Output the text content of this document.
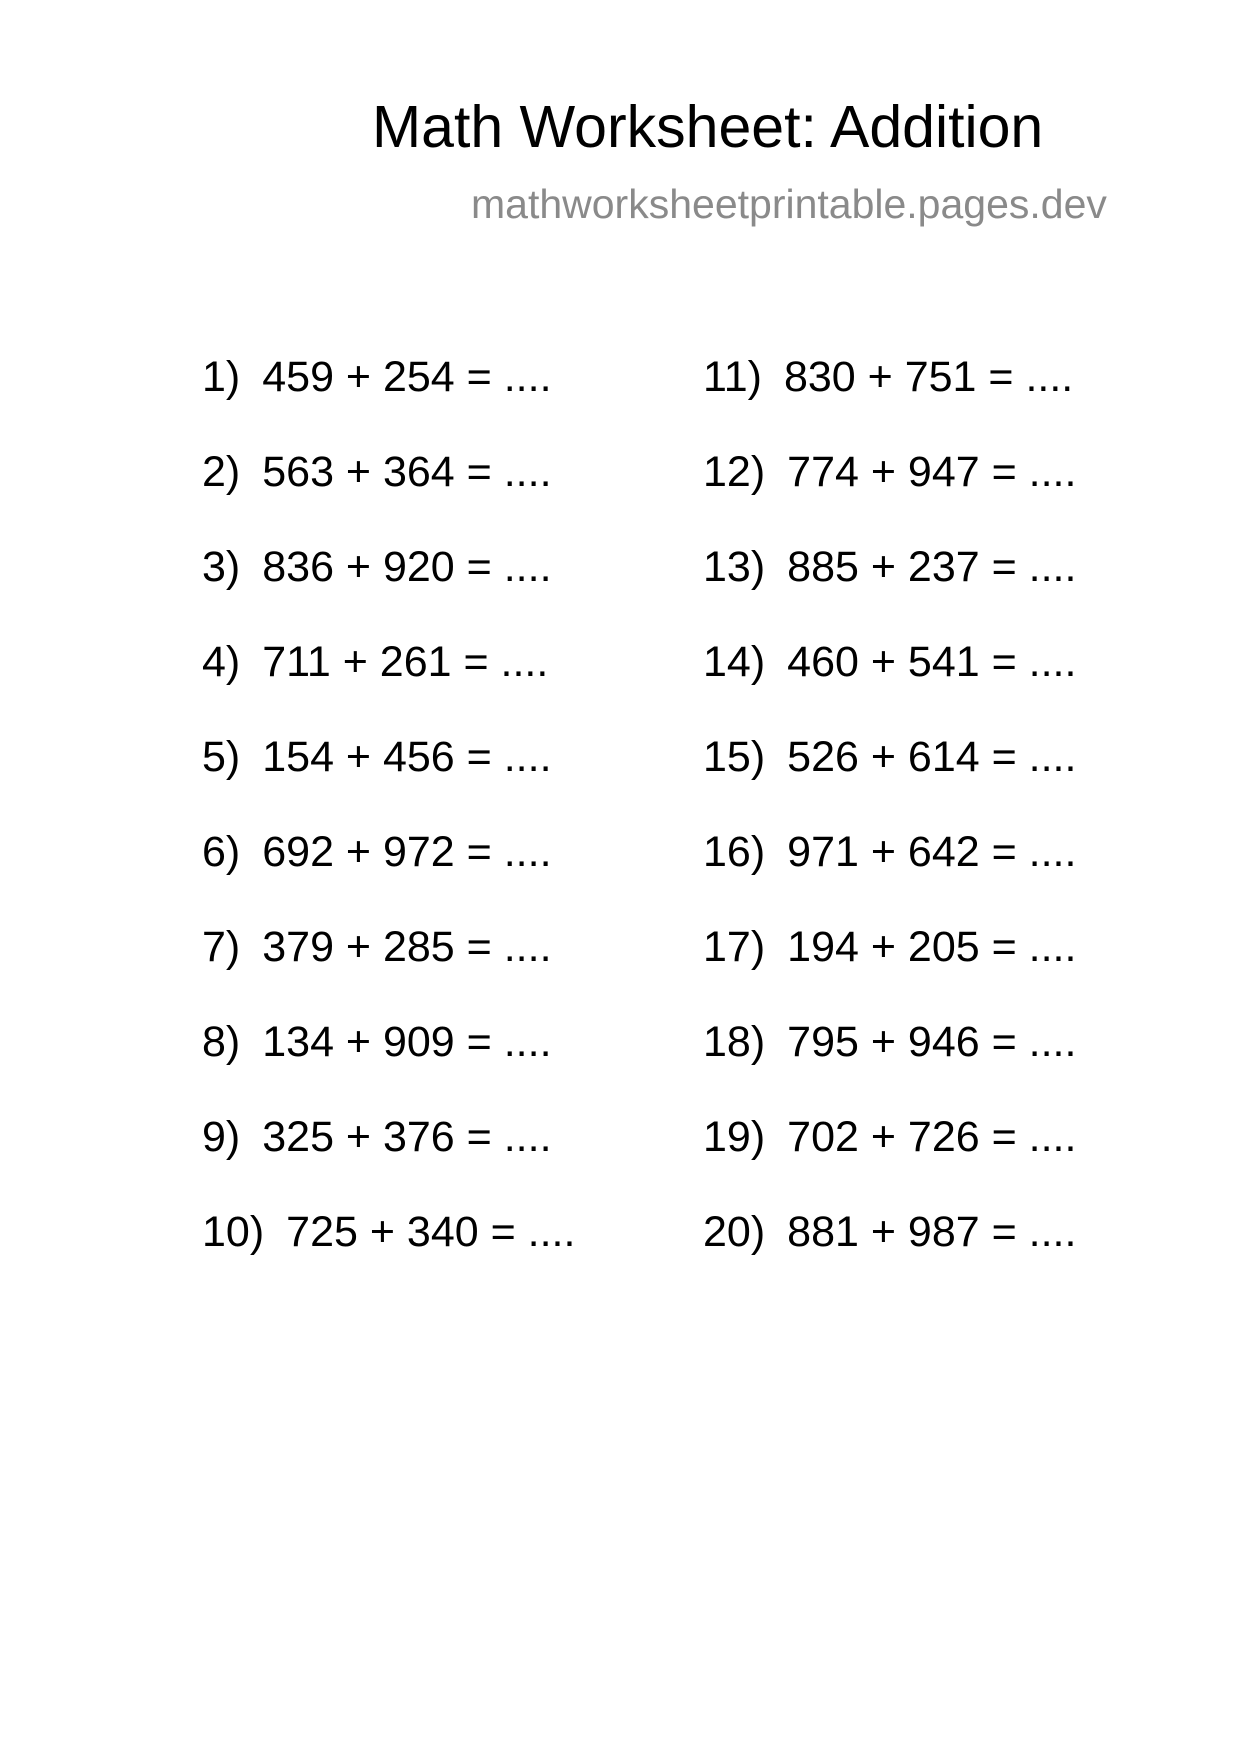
Math Worksheet: Addition
mathworksheetprintable.pages.dev
1) 459 + 254 = ....
2) 563 + 364 = ....
3) 836 + 920 = ....
4) 711 + 261 = ....
5) 154 + 456 = ....
6) 692 + 972 = ....
7) 379 + 285 = ....
8) 134 + 909 = ....
9) 325 + 376 = ....
10) 725 + 340 = ....
11) 830 + 751 = ....
12) 774 + 947 = ....
13) 885 + 237 = ....
14) 460 + 541 = ....
15) 526 + 614 = ....
16) 971 + 642 = ....
17) 194 + 205 = ....
18) 795 + 946 = ....
19) 702 + 726 = ....
20) 881 + 987 = ....
